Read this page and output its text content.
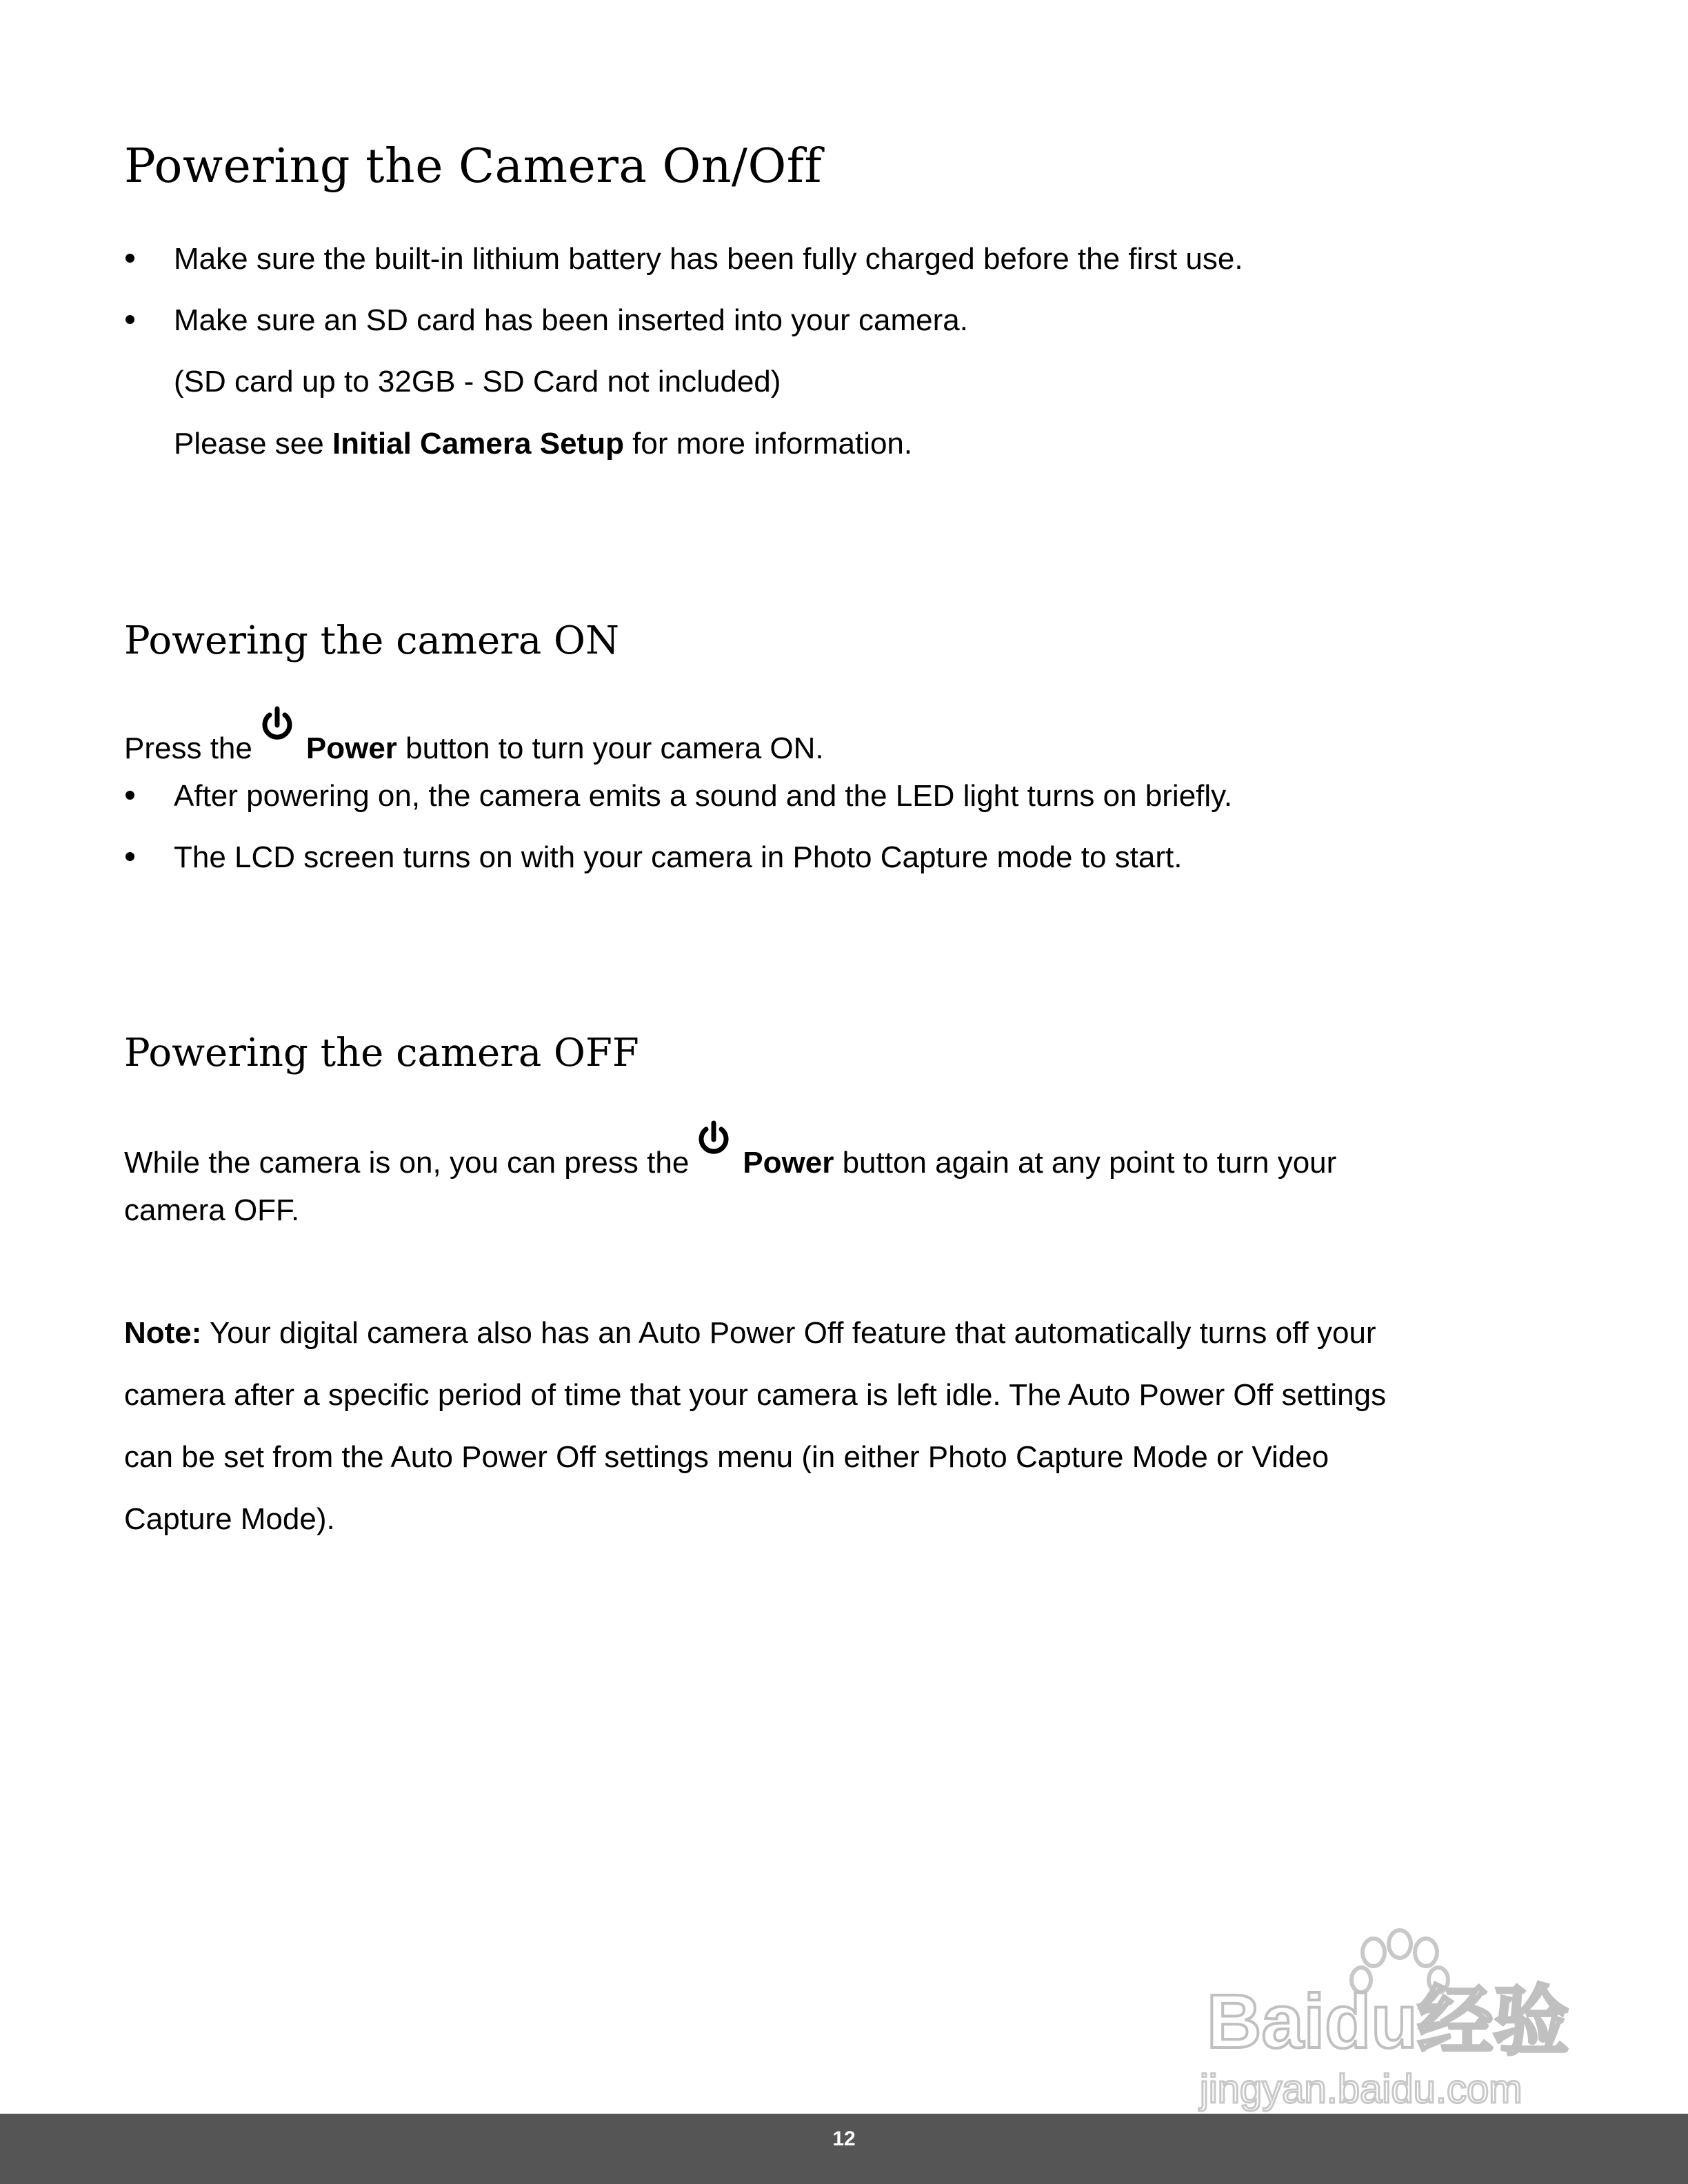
Powering the Camera On/Off
Make sure the built-in lithium battery has been fully charged before the first use.
Make sure an SD card has been inserted into your camera.

(SD card up to 32GB - SD Card not included)

Please see Initial Camera Setup for more information.

Powering the camera ON

Press the Power button to turn your camera ON.

After powering on, the camera emits a sound and the LED light turns on briefly.
The LCD screen turns on with your camera in Photo Capture mode to start.
Powering the camera OFF

While the camera is on, you can press the Power button again at any point to turn your

camera OFF.

Note: Your digital camera also has an Auto Power Off feature that automatically turns off your

camera after a specific period of time that your camera is left idle. The Auto Power Off settings

can be set from the Auto Power Off settings menu (in either Photo Capture Mode or Video

Capture Mode).

Baidu经验
jingyan.baidu.com
12
